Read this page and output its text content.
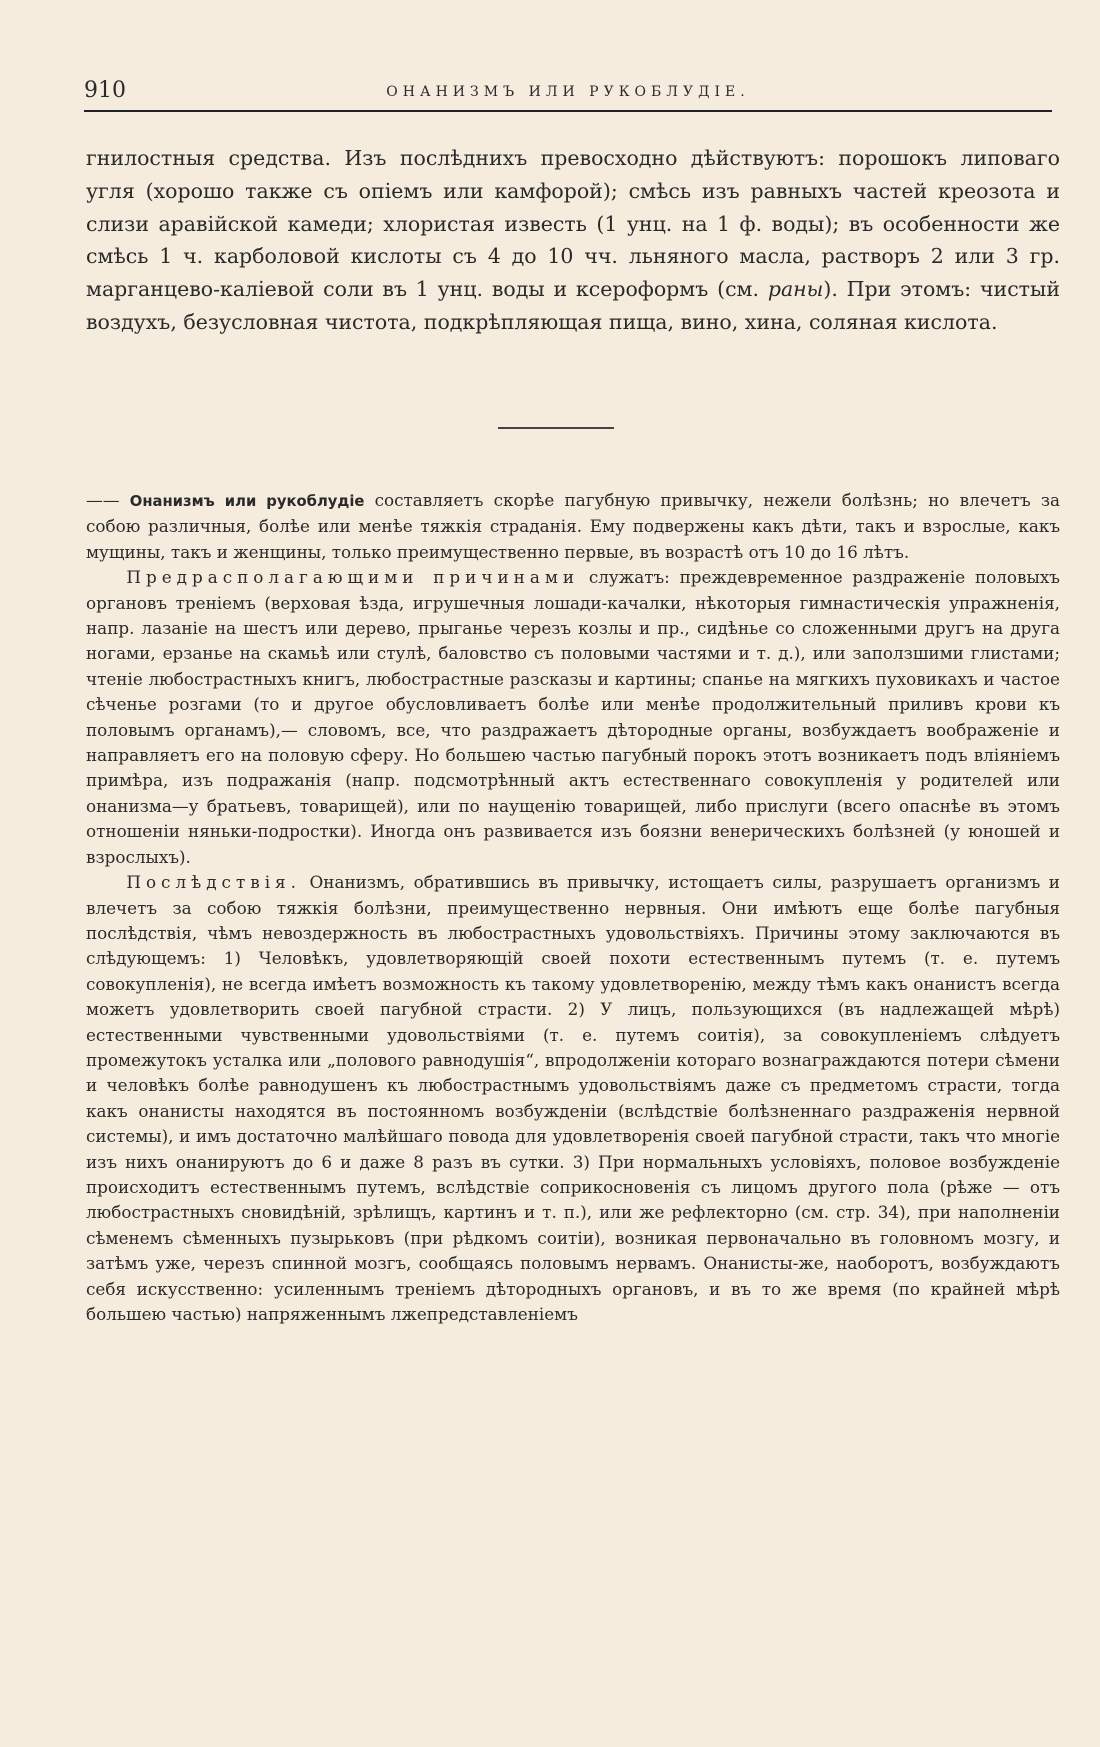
910	ОНАНИЗМЪ ИЛИ РУКОБЛУДІЕ.
гнилостныя средства. Изъ послѣднихъ превосходно дѣйствуютъ: порошокъ липоваго угля (хорошо также съ опіемъ или камфорой); смѣсь изъ равныхъ частей креозота и слизи аравійской камеди; хлористая известь (1 унц. на 1 ф. воды); въ особенности же смѣсь 1 ч. карболовой кислоты съ 4 до 10 чч. льняного масла, растворъ 2 или 3 гр. марганцево-каліевой соли въ 1 унц. воды и ксероформъ (см. раны). При этомъ: чистый воздухъ, безусловная чистота, подкрѣпляющая пища, вино, хина, соляная кислота.

—— Онанизмъ или рукоблудіе составляетъ скорѣе пагубную привычку, нежели болѣзнь; но влечетъ за собою различныя, болѣе или менѣе тяжкія страданія. Ему подвержены какъ дѣти, такъ и взрослые, какъ мущины, такъ и женщины, только преимущественно первые, въ возрастѣ отъ 10 до 16 лѣтъ.

Предрасполагающими причинами служатъ: преждевременное раздраженіе половыхъ органовъ треніемъ (верховая ѣзда, игрушечныя лошади-качалки, нѣкоторыя гимнастическія упражненія, напр. лазаніе на шестъ или дерево, прыганье черезъ козлы и пр., сидѣнье со сложенными другъ на друга ногами, ерзанье на скамьѣ или стулѣ, баловство съ половыми частями и т. д.), или заползшими глистами; чтеніе любострастныхъ книгъ, любострастные разсказы и картины; спанье на мягкихъ пуховикахъ и частое сѣченье розгами (то и другое обусловливаетъ болѣе или менѣе продолжительный приливъ крови къ половымъ органамъ),— словомъ, все, что раздражаетъ дѣтородные органы, возбуждаетъ воображеніе и направляетъ его на половую сферу. Но большею частью пагубный порокъ этотъ возникаетъ подъ вліяніемъ примѣра, изъ подражанія (напр. подсмотрѣнный актъ естественнаго совокупленія у родителей или онанизма—у братьевъ, товарищей), или по наущенію товарищей, либо прислуги (всего опаснѣе въ этомъ отношеніи няньки-подростки). Иногда онъ развивается изъ боязни венерическихъ болѣзней (у юношей и взрослыхъ).

Послѣдствія. Онанизмъ, обратившись въ привычку, истощаетъ силы, разрушаетъ организмъ и влечетъ за собою тяжкія болѣзни, преимущественно нервныя. Они имѣютъ еще болѣе пагубныя послѣдствія, чѣмъ невоздержность въ любострастныхъ удовольствіяхъ. Причины этому заключаются въ слѣдующемъ: 1) Человѣкъ, удовлетворяющій своей похоти естественнымъ путемъ (т. е. путемъ совокупленія), не всегда имѣетъ возможность къ такому удовлетворенію, между тѣмъ какъ онанистъ всегда можетъ удовлетворить своей пагубной страсти. 2) У лицъ, пользующихся (въ надлежащей мѣрѣ) естественными чувственными удовольствіями (т. е. путемъ соитія), за совокупленіемъ слѣдуетъ промежутокъ усталка или „полового равнодушія“, впродолженіи котораго вознаграждаются потери сѣмени и человѣкъ болѣе равнодушенъ къ любострастнымъ удовольствіямъ даже съ предметомъ страсти, тогда какъ онанисты находятся въ постоянномъ возбужденіи (вслѣдствіе болѣзненнаго раздраженія нервной системы), и имъ достаточно малѣйшаго повода для удовлетворенія своей пагубной страсти, такъ что многіе изъ нихъ онанируютъ до 6 и даже 8 разъ въ сутки. 3) При нормальныхъ условіяхъ, половое возбужденіе происходитъ естественнымъ путемъ, вслѣдствіе соприкосновенія съ лицомъ другого пола (рѣже — отъ любострастныхъ сновидѣній, зрѣлищъ, картинъ и т. п.), или же рефлекторно (см. стр. 34), при наполненіи сѣменемъ сѣменныхъ пузырьковъ (при рѣдкомъ соитіи), возникая первоначально въ головномъ мозгу, и затѣмъ уже, черезъ спинной мозгъ, сообщаясь половымъ нервамъ. Онанисты-же, наоборотъ, возбуждаютъ себя искусственно: усиленнымъ треніемъ дѣтородныхъ органовъ, и въ то же время (по крайней мѣрѣ большею частью) напряженнымъ лжепредставленіемъ
